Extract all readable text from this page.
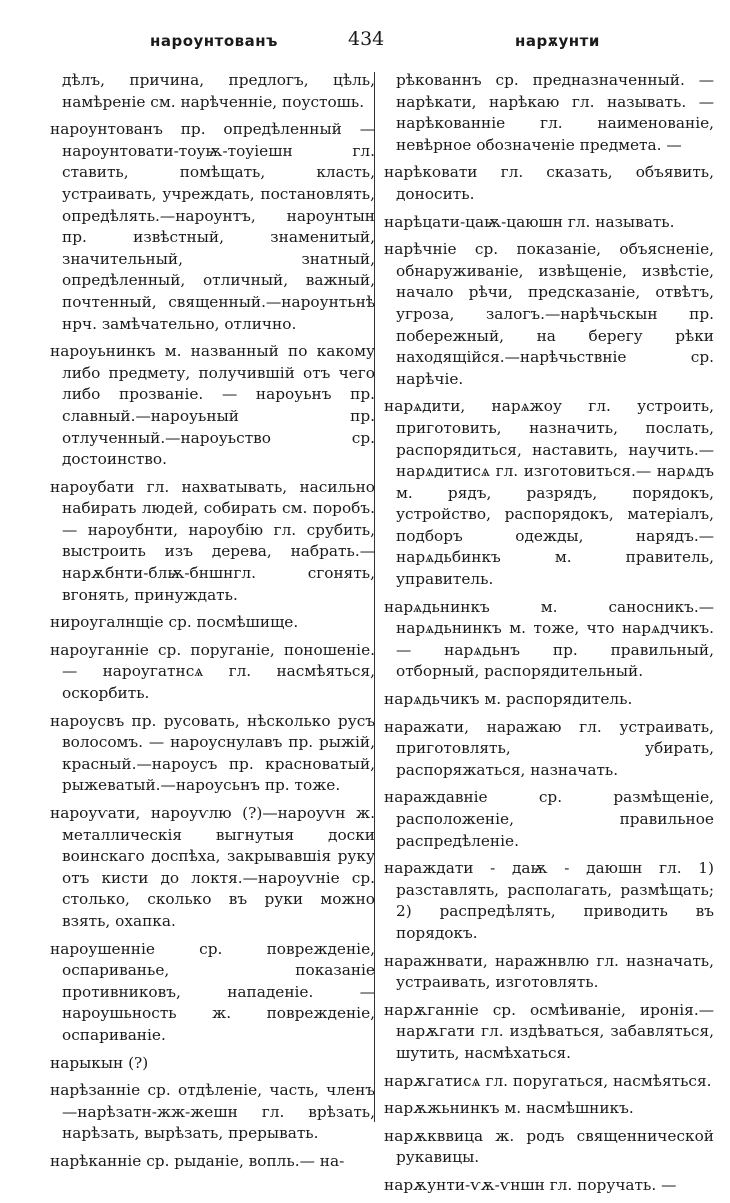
нароунтованъ	434	нарѫунти

дѣлъ, причина, предлогъ, цѣль, намѣреніе см. нарѣченніе, поустошь.

нароунтованъ пр. опредѣленный — нароунтовати-тоуѭ-тоуіешн гл. ставить, помѣщать, класть, устраивать, учреждать, постановлять, опредѣлять.—нароунтъ, нароунтын пр. извѣстный, знаменитый, значительный, знатный, опредѣленный, отличный, важный, почтенный, священный.—нароунтьнѣ нрч. замѣчательно, отлично.

нароуьнинкъ м. названный по какому либо предмету, получившій отъ чего либо прозваніе. — нароуьнъ пр. славный.—нароуьный пр. отлученный.—нароуьство ср. достоинство.

нароубати гл. нахватывать, насильно набирать людей, собирать см. поробъ. — нароубнти, нароубію гл. срубить, выстроить изъ дерева, набрать.—нарѫбнти-блѭ-бншнгл. сгонять, вгонять, принуждать.

нироугалнщіе ср. посмѣшище.

нароуганніе ср. поруганіе, поношеніе. — нароугатнсѧ гл. насмѣяться, оскорбить.

нароусвъ пр. русовать, нѣсколько русъ волосомъ. — нароуснулавъ пр. рыжій, красный.—нароусъ пр. красноватый, рыжеватый.—нароусьнъ пр. тоже.

нароуѵати, нароуѵлю (?)—нароуѵн ж. металлическія выгнутыя доски воинскаго доспѣха, закрывавшія руку отъ кисти до локтя.—нароуѵніе ср. столько, сколько въ руки можно взять, охапка.

нароушенніе ср. поврежденіе, оспариванье, показаніе противниковъ, нападеніе. — нароушьность ж. поврежденіе, оспариваніе.

нарыкын (?)

нарѣзанніе ср. отдѣленіе, часть, членъ—нарѣзатн-жж-жешн гл. врѣзать, нарѣзать, вырѣзать, прерывать.

нарѣканніе ср. рыданіе, вопль.— на-

рѣкованнъ ср. предназначенный. —нарѣкати, нарѣкаю гл. называть. — нарѣкованніе гл. наименованіе, невѣрное обозначеніе предмета. —

нарѣковати гл. сказать, объявить, доносить.

нарѣцати-цаѭ-цаюшн гл. называть.

нарѣчніе ср. показаніе, объясненіе, обнаруживаніе, извѣщеніе, извѣстіе, начало рѣчи, предсказаніе, отвѣтъ, угроза, залогъ.—нарѣчьскын пр. побережный, на берегу рѣки находящійся.—нарѣчьствніе ср. нарѣчіе.

нарѧдити, нарѧжоу гл. устроить, приготовить, назначить, послать, распорядиться, наставить, научить.— нарѧдитисѧ гл. изготовиться.— нарѧдъ м. рядъ, разрядъ, порядокъ, устройство, распорядокъ, матеріалъ, подборъ одежды, нарядъ.—нарѧдьбинкъ м. правитель, управитель.

нарѧдьнинкъ м. саносникъ.—нарѧдьнинкъ м. тоже, что нарѧдчикъ. — нарѧдьнъ пр. правильный, отборный, распорядительный.

нарѧдьчикъ м. распорядитель.

наражати, наражаю гл. устраивать, приготовлять, убирать, распоряжаться, назначать.

нараждавніе ср. размѣщеніе, расположеніе, правильное распредѣленіе.

нараждати - даѭ - даюшн гл. 1) разставлять, располагать, размѣщать; 2) распредѣлять, приводить въ порядокъ.

наражнвати, наражнвлю гл. назначать, устраивать, изготовлять.

нарѫганніе ср. осмѣиваніе, иронія.— нарѫгати гл. издѣваться, забавляться, шутить, насмѣхаться.

нарѫгатисѧ гл. поругаться, насмѣяться.

нарѫжьнинкъ м. насмѣшникъ.

нарѫкввица ж. родъ священнической рукавицы.

нарѫунти-ѵѫ-ѵншн гл. поручать. —
